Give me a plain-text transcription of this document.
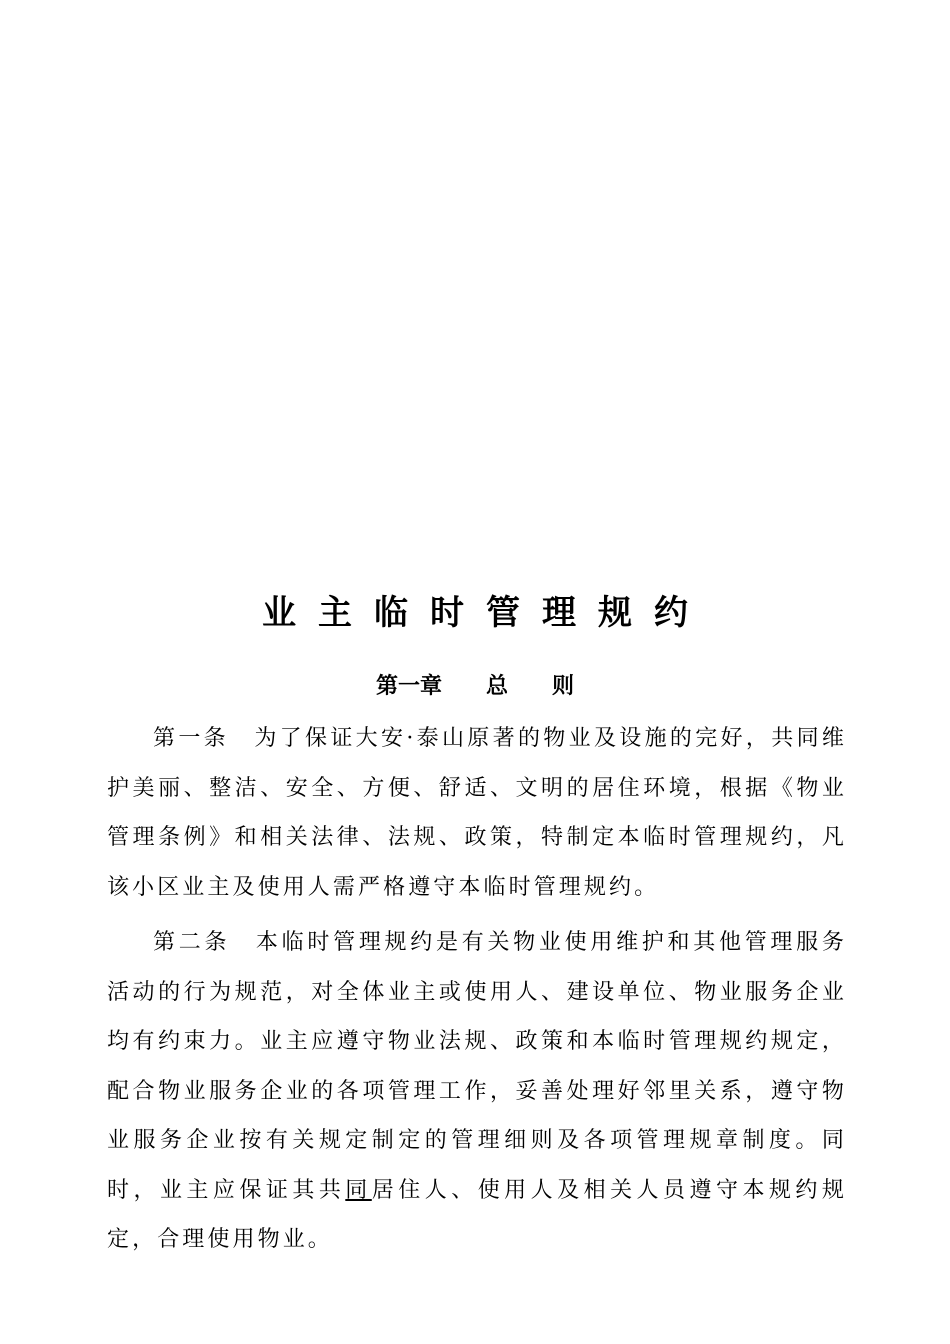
业主临时管理规约
第一章　　总　　则

第一条　 为了保证大安·泰山原著的物业及设施的完好，共同维护美丽、整洁、安全、方便、舒适、文明的居住环境，根据《物业管理条例》和相关法律、法规、政策，特制定本临时管理规约，凡该小区业主及使用人需严格遵守本临时管理规约。

第二条　 本临时管理规约是有关物业使用维护和其他管理服务活动的行为规范，对全体业主或使用人、建设单位、物业服务企业均有约束力。业主应遵守物业法规、政策和本临时管理规约规定，配合物业服务企业的各项管理工作，妥善处理好邻里关系，遵守物业服务企业按有关规定制定的管理细则及各项管理规章制度。同时，业主应保证其共同居住人、使用人及相关人员遵守本规约规定，合理使用物业。
